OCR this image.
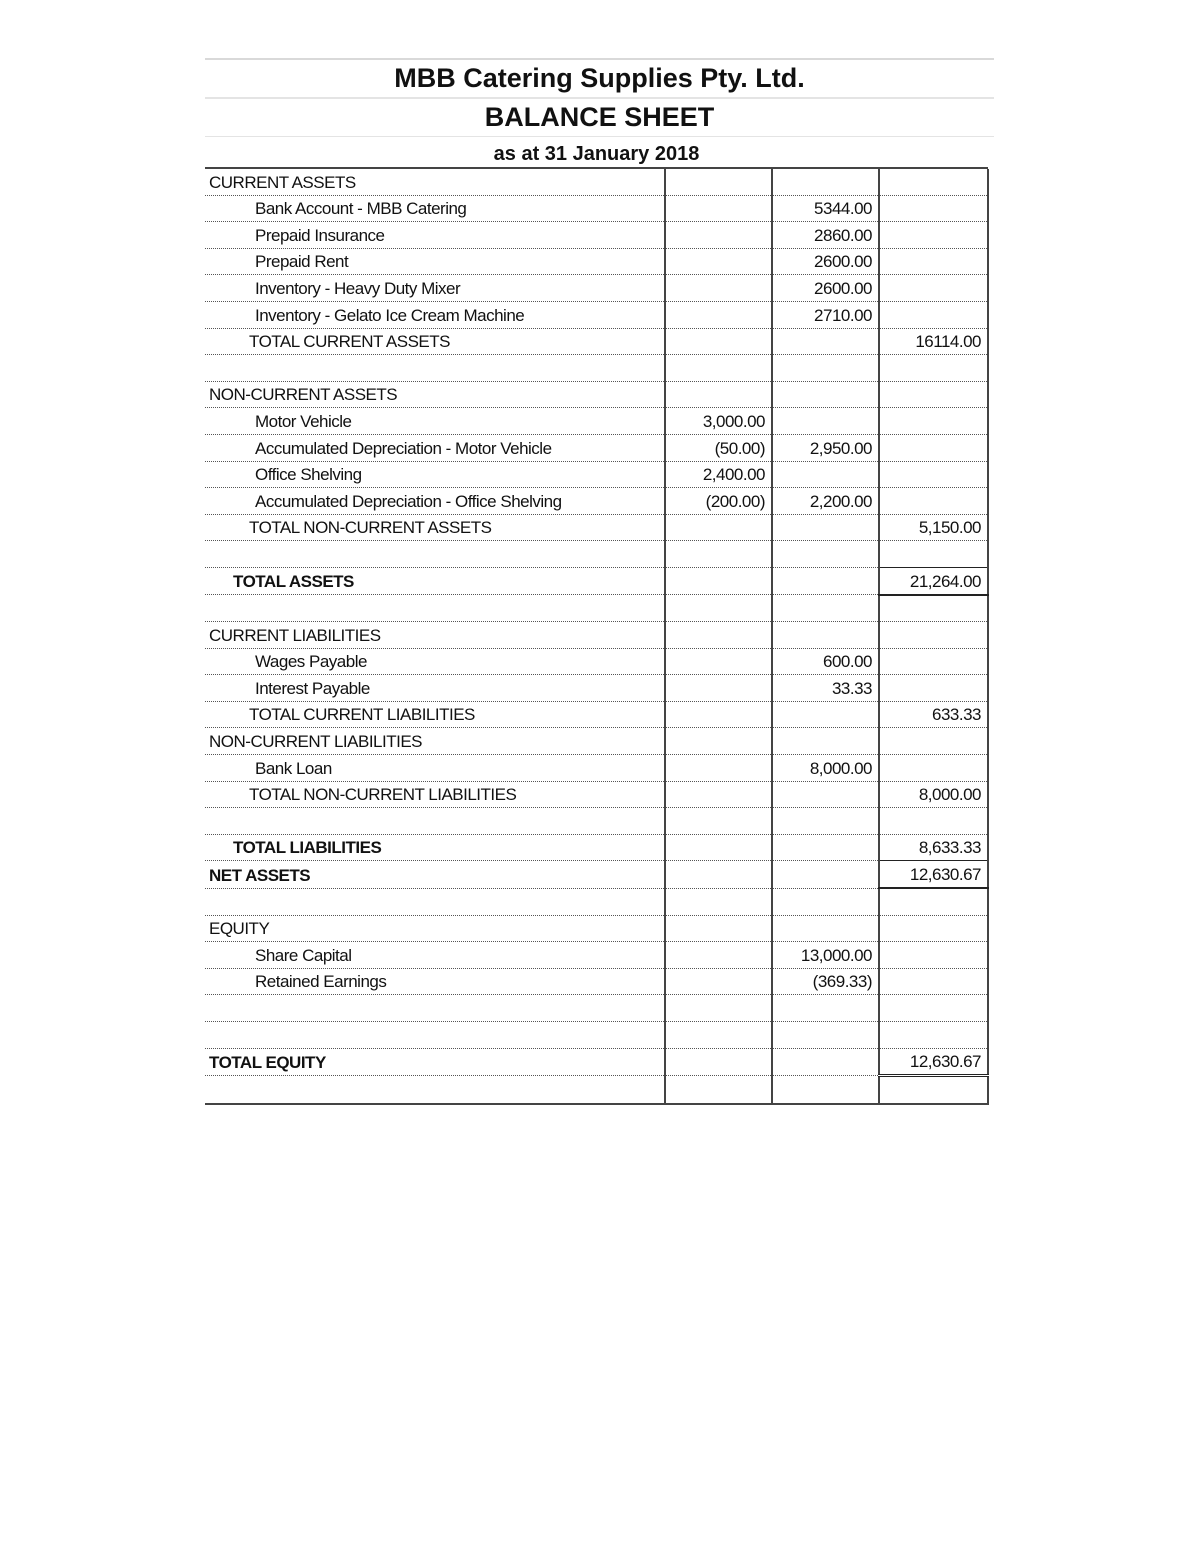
MBB Catering Supplies Pty. Ltd.
BALANCE SHEET
as at 31 January 2018
CURRENT ASSETS			
Bank Account - MBB Catering		5344.00	
Prepaid Insurance		2860.00	
Prepaid Rent		2600.00	
Inventory - Heavy Duty Mixer		2600.00	
Inventory - Gelato Ice Cream Machine		2710.00	
TOTAL CURRENT ASSETS			16114.00

NON-CURRENT ASSETS			
Motor Vehicle	3,000.00		
Accumulated Depreciation - Motor Vehicle	(50.00)	2,950.00	
Office Shelving	2,400.00		
Accumulated Depreciation - Office Shelving	(200.00)	2,200.00	
TOTAL NON-CURRENT ASSETS			5,150.00

TOTAL ASSETS			21,264.00

CURRENT LIABILITIES			
Wages Payable		600.00	
Interest Payable		33.33	
TOTAL CURRENT LIABILITIES			633.33
NON-CURRENT LIABILITIES			
Bank Loan		8,000.00	
TOTAL NON-CURRENT LIABILITIES			8,000.00

TOTAL LIABILITIES			8,633.33
NET ASSETS			12,630.67

EQUITY			
Share Capital		13,000.00	
Retained Earnings		(369.33)	

TOTAL EQUITY			12,630.67
